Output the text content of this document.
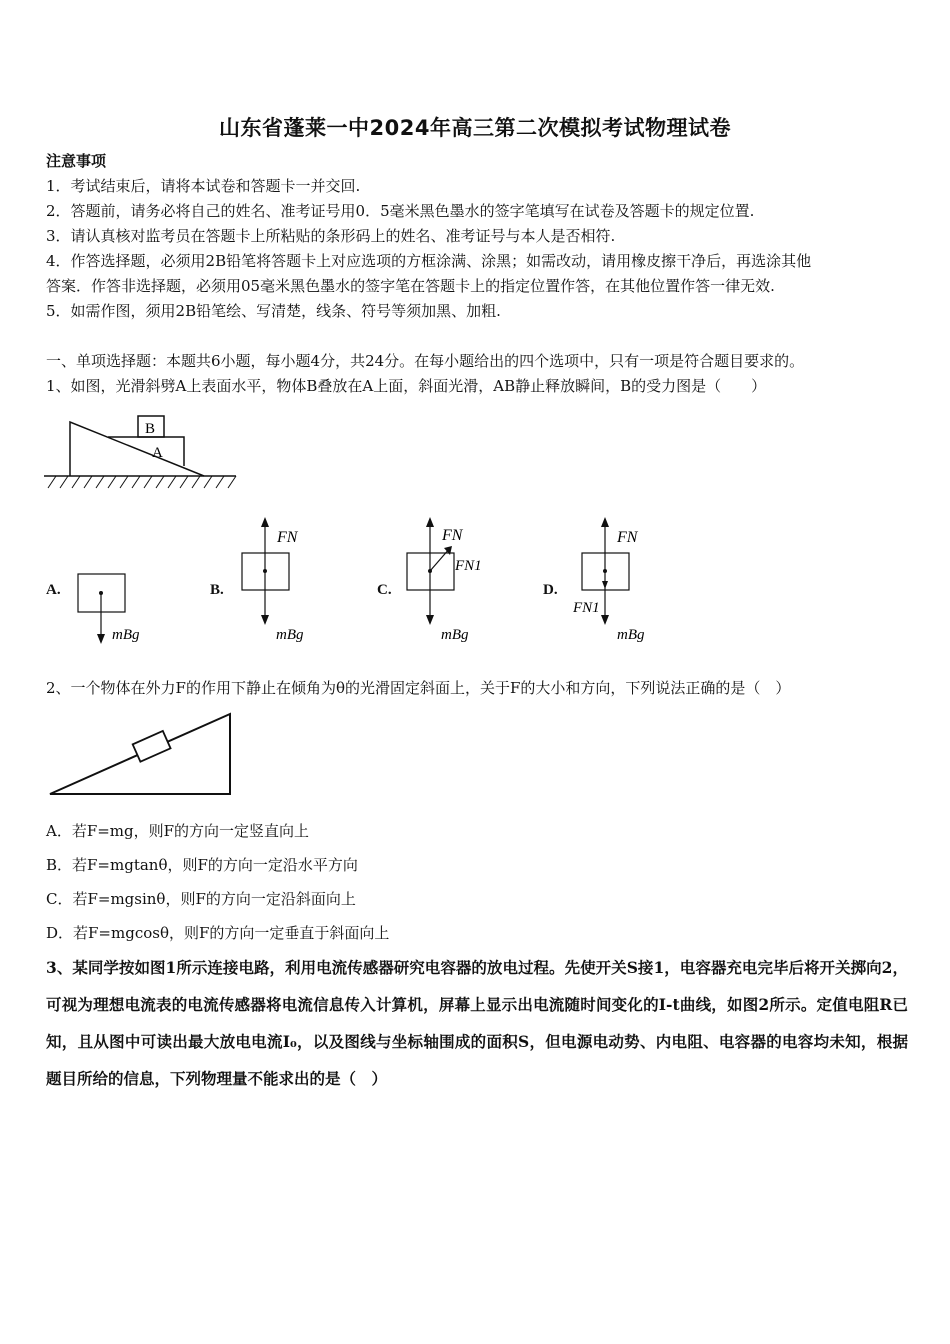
山东省蓬莱一中2024年高三第二次模拟考试物理试卷
注意事项
1．考试结束后，请将本试卷和答题卡一并交回.
2．答题前，请务必将自己的姓名、准考证号用0．5毫米黑色墨水的签字笔填写在试卷及答题卡的规定位置.
3．请认真核对监考员在答题卡上所粘贴的条形码上的姓名、准考证号与本人是否相符.
4．作答选择题，必须用2B铅笔将答题卡上对应选项的方框涂满、涂黑；如需改动，请用橡皮擦干净后，再选涂其他
答案．作答非选择题，必须用05毫米黑色墨水的签字笔在答题卡上的指定位置作答，在其他位置作答一律无效.
5．如需作图，须用2B铅笔绘、写清楚，线条、符号等须加黑、加粗.
一、单项选择题：本题共6小题，每小题4分，共24分。在每小题给出的四个选项中，只有一项是符合题目要求的。
1、如图，光滑斜劈A上表面水平，物体B叠放在A上面，斜面光滑，AB静止释放瞬间，B的受力图是（　　）
B
A
A.	B.	C.	D.
mBg
FN
mBg
FN
FN1
mBg
FN
FN1
mBg
2、一个物体在外力F的作用下静止在倾角为θ的光滑固定斜面上，关于F的大小和方向，下列说法正确的是（　）
A．若F=mg，则F的方向一定竖直向上
B．若F=mgtanθ，则F的方向一定沿水平方向
C．若F=mgsinθ，则F的方向一定沿斜面向上
D．若F=mgcosθ，则F的方向一定垂直于斜面向上
3、某同学按如图1所示连接电路，利用电流传感器研究电容器的放电过程。先使开关S接1，电容器充电完毕后将开关掷向2，可视为理想电流表的电流传感器将电流信息传入计算机，屏幕上显示出电流随时间变化的I-t曲线，如图2所示。定值电阻R已知，且从图中可读出最大放电电流I₀，以及图线与坐标轴围成的面积S，但电源电动势、内电阻、电容器的电容均未知，根据题目所给的信息，下列物理量不能求出的是（　）
